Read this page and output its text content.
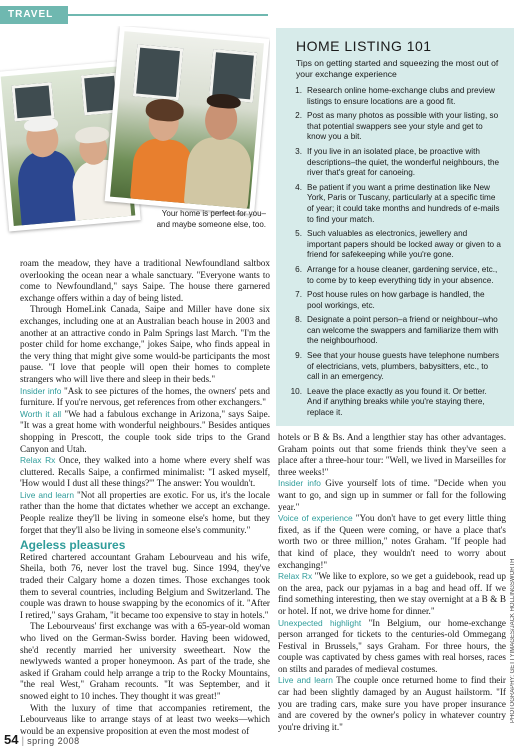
TRAVEL
Your home is perfect for you–
and maybe someone else, too.
HOME LISTING 101
Tips on getting started and squeezing the most out of your exchange experience
1. Research online home-exchange clubs and preview listings to ensure locations are a good fit.
2. Post as many photos as possible with your listing, so that potential swappers see your style and get to know you a bit.
3. If you live in an isolated place, be proactive with descriptions–the quiet, the wonderful neighbours, the river that's great for canoeing.
4. Be patient if you want a prime destination like New York, Paris or Tuscany, particularly at a specific time of year; it could take months and hundreds of e-mails to find your match.
5. Such valuables as electronics, jewellery and important papers should be locked away or given to a friend for safekeeping while you're gone.
6. Arrange for a house cleaner, gardening service, etc., to come by to keep everything tidy in your absence.
7. Post house rules on how garbage is handled, the pool workings, etc.
8. Designate a point person–a friend or neighbour–who can welcome the swappers and familiarize them with the neighbourhood.
9. See that your house guests have telephone numbers of electricians, vets, plumbers, babysitters, etc., to call in an emergency.
10. Leave the place exactly as you found it. Or better. And if anything breaks while you're staying there, replace it.

roam the meadow, they have a traditional Newfoundland saltbox overlooking the ocean near a whale sanctuary. "Everyone wants to come to Newfoundland," says Saipe. The house there garnered exchange offers within a day of being listed.

Through HomeLink Canada, Saipe and Miller have done six exchanges, including one at an Australian beach house in 2003 and another at an attractive condo in Palm Springs last March. "I'm the poster child for home exchange," jokes Saipe, who finds appeal in the very thing that might give some would-be participants the most pause. "I love that people will open their homes to complete strangers who will live there and sleep in their beds."

Insider info "Ask to see pictures of the homes, the owners' pets and furniture. If you're nervous, get references from other exchangers."

Worth it all "We had a fabulous exchange in Arizona," says Saipe. "It was a great home with wonderful neighbours." Besides antiques shopping in Prescott, the couple took side trips to the Grand Canyon and Utah.

Relax Rx Once, they walked into a home where every shelf was cluttered. Recalls Saipe, a confirmed minimalist: "I asked myself, 'How would I dust all these things?'" The answer: You wouldn't.

Live and learn "Not all properties are exotic. For us, it's the locale rather than the home that dictates whether we accept an exchange. People realize they'll be living in someone else's home, but they forget that they'll also be living in someone else's community."

Ageless pleasures

Retired chartered accountant Graham Lebourveau and his wife, Sheila, both 76, never lost the travel bug. Since 1994, they've traded their Calgary home a dozen times. Those exchanges took them to several countries, including Belgium and Switzerland. The couple was drawn to house swapping by the economics of it. "After I retired," says Graham, "it became too expensive to stay in hotels."

The Lebourveaus' first exchange was with a 65-year-old woman who lived on the German-Swiss border. Having been widowed, she'd recently married her university sweetheart. Now the newlyweds wanted a proper honeymoon. As part of the trade, she asked if Graham could help arrange a trip to the Rocky Mountains, "the real West," Graham recounts. "It was September, and it snowed eight to 10 inches. They thought it was great!"

With the luxury of time that accompanies retirement, the Lebourveaus like to arrange stays of at least two weeks—which would be an expensive proposition at even the most modest of

hotels or B & Bs. And a lengthier stay has other advantages. Graham points out that some friends think they've seen a place after a three-hour tour: "Well, we lived in Marseilles for three weeks!"

Insider info Give yourself lots of time. "Decide when you want to go, and sign up in summer or fall for the following year."

Voice of experience "You don't have to get every little thing fixed, as if the Queen were coming, or have a place that's worth two or three million," notes Graham. "If people had that kind of place, they wouldn't need to worry about exchanging!"

Relax Rx "We like to explore, so we get a guidebook, read up on the area, pack our pyjamas in a bag and head off. If we find something interesting, then we stay overnight at a B & B or hotel. If not, we drive home for dinner."

Unexpected highlight "In Belgium, our home-exchange person arranged for tickets to the centuries-old Ommegang Festival in Brussels," says Graham. For three hours, the couple was captivated by chess games with real horses, races on stilts and parades of medieval costumes.

Live and learn The couple once returned home to find their car had been slightly damaged by an August hailstorm. "If you are trading cars, make sure you have proper insurance and are covered by the owner's policy in whatever country you're driving it."

PHOTOGRAPHY: GETTYIMAGES/JACK HOLLINGSWORTH
54 | spring 2008
